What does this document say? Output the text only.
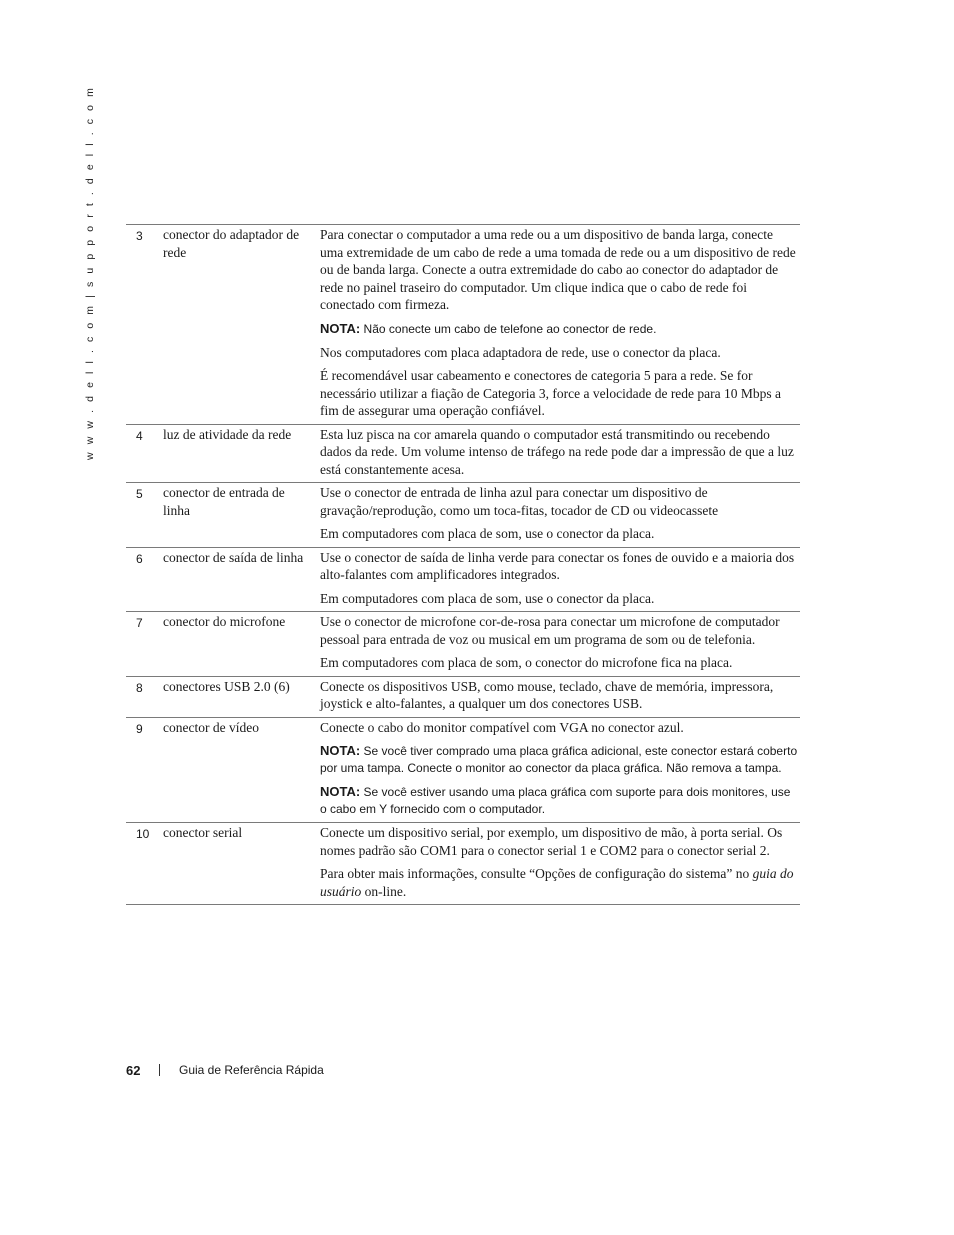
w w w . d e l l . c o m | s u p p o r t . d e l l . c o m	3	conector do adaptador de rede	Para conectar o computador a uma rede ou a um dispositivo de banda larga, conecte uma extremidade de um cabo de rede a uma tomada de rede ou a um dispositivo de rede ou de banda larga. Conecte a outra extremidade do cabo ao conector do adaptador de rede no painel traseiro do computador. Um clique indica que o cabo de rede foi conectado com firmeza.

NOTA: Não conecte um cabo de telefone ao conector de rede.

Nos computadores com placa adaptadora de rede, use o conector da placa.

É recomendável usar cabeamento e conectores de categoria 5 para a rede. Se for necessário utilizar a fiação de Categoria 3, force a velocidade de rede para 10 Mbps a fim de assegurar uma operação confiável.

4	luz de atividade da rede	Esta luz pisca na cor amarela quando o computador está transmitindo ou recebendo dados da rede. Um volume intenso de tráfego na rede pode dar a impressão de que a luz está constantemente acesa.

5	conector de entrada de linha	Use o conector de entrada de linha azul para conectar um dispositivo de gravação/reprodução, como um toca-fitas, tocador de CD ou videocassete

Em computadores com placa de som, use o conector da placa.

6	conector de saída de linha	Use o conector de saída de linha verde para conectar os fones de ouvido e a maioria dos alto-falantes com amplificadores integrados.

Em computadores com placa de som, use o conector da placa.

7	conector do microfone	Use o conector de microfone cor-de-rosa para conectar um microfone de computador pessoal para entrada de voz ou musical em um programa de som ou de telefonia.

Em computadores com placa de som, o conector do microfone fica na placa.

8	conectores USB 2.0 (6)	Conecte os dispositivos USB, como mouse, teclado, chave de memória, impressora, joystick e alto-falantes, a qualquer um dos conectores USB.

9	conector de vídeo	Conecte o cabo do monitor compatível com VGA no conector azul.

NOTA: Se você tiver comprado uma placa gráfica adicional, este conector estará coberto por uma tampa. Conecte o monitor ao conector da placa gráfica. Não remova a tampa.

NOTA: Se você estiver usando uma placa gráfica com suporte para dois monitores, use o cabo em Y fornecido com o computador.

10	conector serial	Conecte um dispositivo serial, por exemplo, um dispositivo de mão, à porta serial. Os nomes padrão são COM1 para o conector serial 1 e COM2 para o conector serial 2.

Para obter mais informações, consulte “Opções de configuração do sistema” no guia do usuário on-line.

62	Guia de Referência Rápida
